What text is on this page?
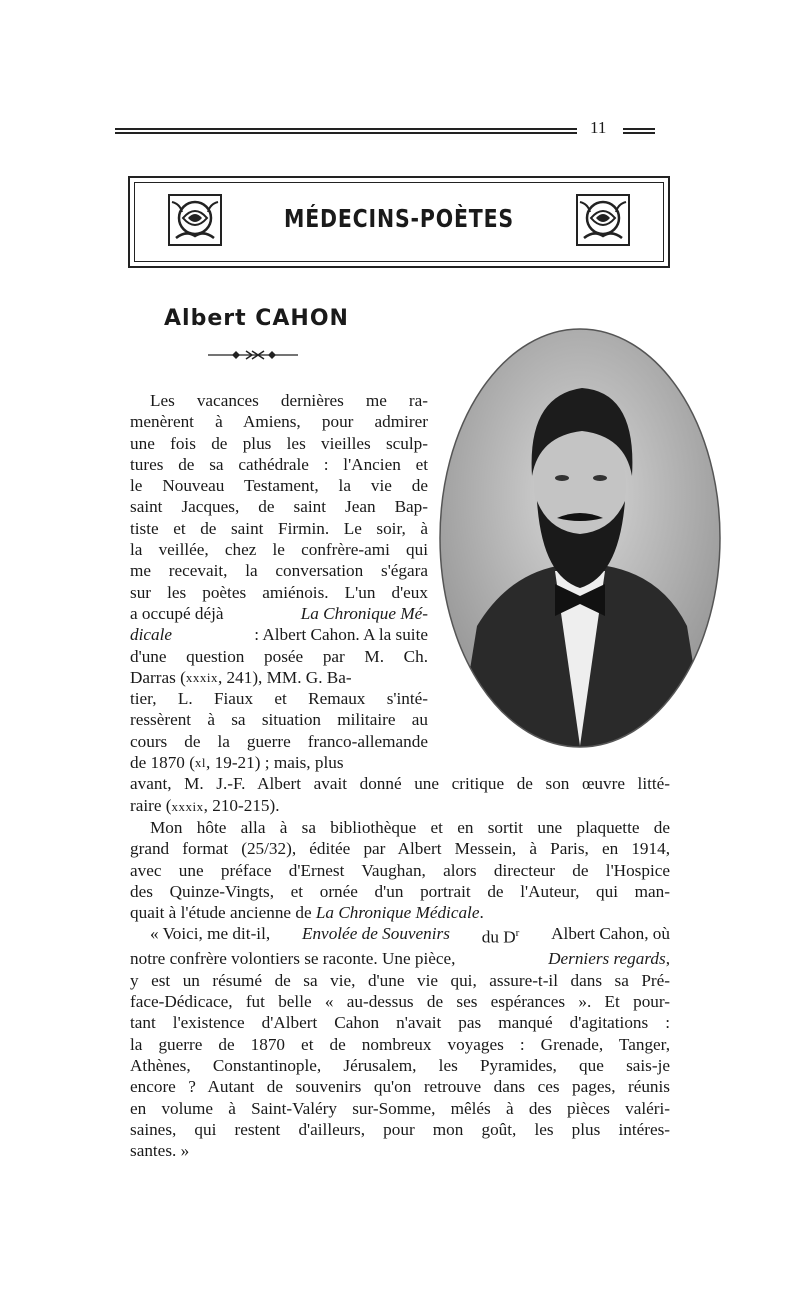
11
MÉDECINS-POÈTES
Albert CAHON
Les vacances dernières me ra-
menèrent à Amiens, pour admirer
une fois de plus les vieilles sculp-
tures de sa cathédrale : l'Ancien et
le Nouveau Testament, la vie de
saint Jacques, de saint Jean Bap-
tiste et de saint Firmin. Le soir, à
la veillée, chez le confrère-ami qui
me recevait, la conversation s'égara
sur les poètes amiénois. L'un d'eux
a occupé déjà	La Chronique Mé-
dicale	: Albert Cahon. A la suite
d'une question posée par M. Ch.
Darras ( xxxix , 241), MM. G. Ba-
tier, L. Fiaux et Remaux s'inté-
ressèrent à sa situation militaire au
cours de la guerre franco-allemande
de 1870 ( xl , 19-21) ; mais, plus
avant, M. J.-F. Albert avait donné une critique de son œuvre litté-
raire (xxxix, 210-215).
Mon hôte alla à sa bibliothèque et en sortit une plaquette de
grand format (25/32), éditée par Albert Messein, à Paris, en 1914,
avec une préface d'Ernest Vaughan, alors directeur de l'Hospice
des Quinze-Vingts, et ornée d'un portrait de l'Auteur, qui man-
quait à l'étude ancienne de La Chronique Médicale.
« Voici, me dit-il, Envolée de Souvenirs du $D^r$ Albert Cahon, où
notre confrère volontiers se raconte. Une pièce,	Derniers regards,
y est un résumé de sa vie, d'une vie qui, assure-t-il dans sa Pré-
face-Dédicace, fut belle « au-dessus de ses espérances ». Et pour-
tant l'existence d'Albert Cahon n'avait pas manqué d'agitations :
la guerre de 1870 et de nombreux voyages : Grenade, Tanger,
Athènes, Constantinople, Jérusalem, les Pyramides, que sais-je
encore ? Autant de souvenirs qu'on retrouve dans ces pages, réunis
en volume à Saint-Valéry sur-Somme, mêlés à des pièces valéri-
saines, qui restent d'ailleurs, pour mon goût, les plus intéres-
santes. »
